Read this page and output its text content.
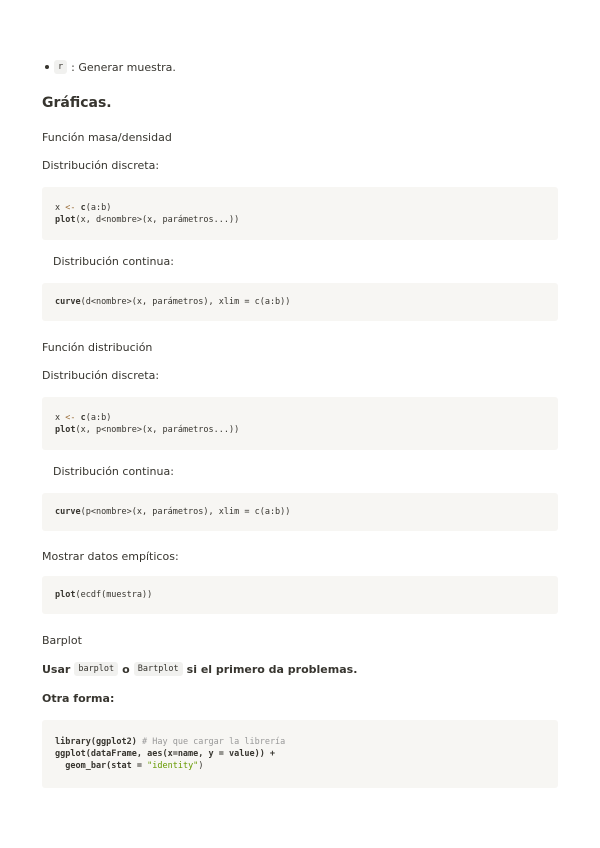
r : Generar muestra.
Gráficas.
Función masa/densidad
Distribución discreta:
x <- c(a:b)
plot(x, d<nombre>(x, parámetros...))
Distribución continua:
curve(d<nombre>(x, parámetros), xlim = c(a:b))
Función distribución
Distribución discreta:
x <- c(a:b)
plot(x, p<nombre>(x, parámetros...))
Distribución continua:
curve(p<nombre>(x, parámetros), xlim = c(a:b))
Mostrar datos empíticos:
plot(ecdf(muestra))
Barplot
Usar barplot o Bartplot si el primero da problemas.
Otra forma:
library(ggplot2) # Hay que cargar la librería
ggplot(dataFrame, aes(x=name, y = value)) +
geom_bar(stat = "identity")
